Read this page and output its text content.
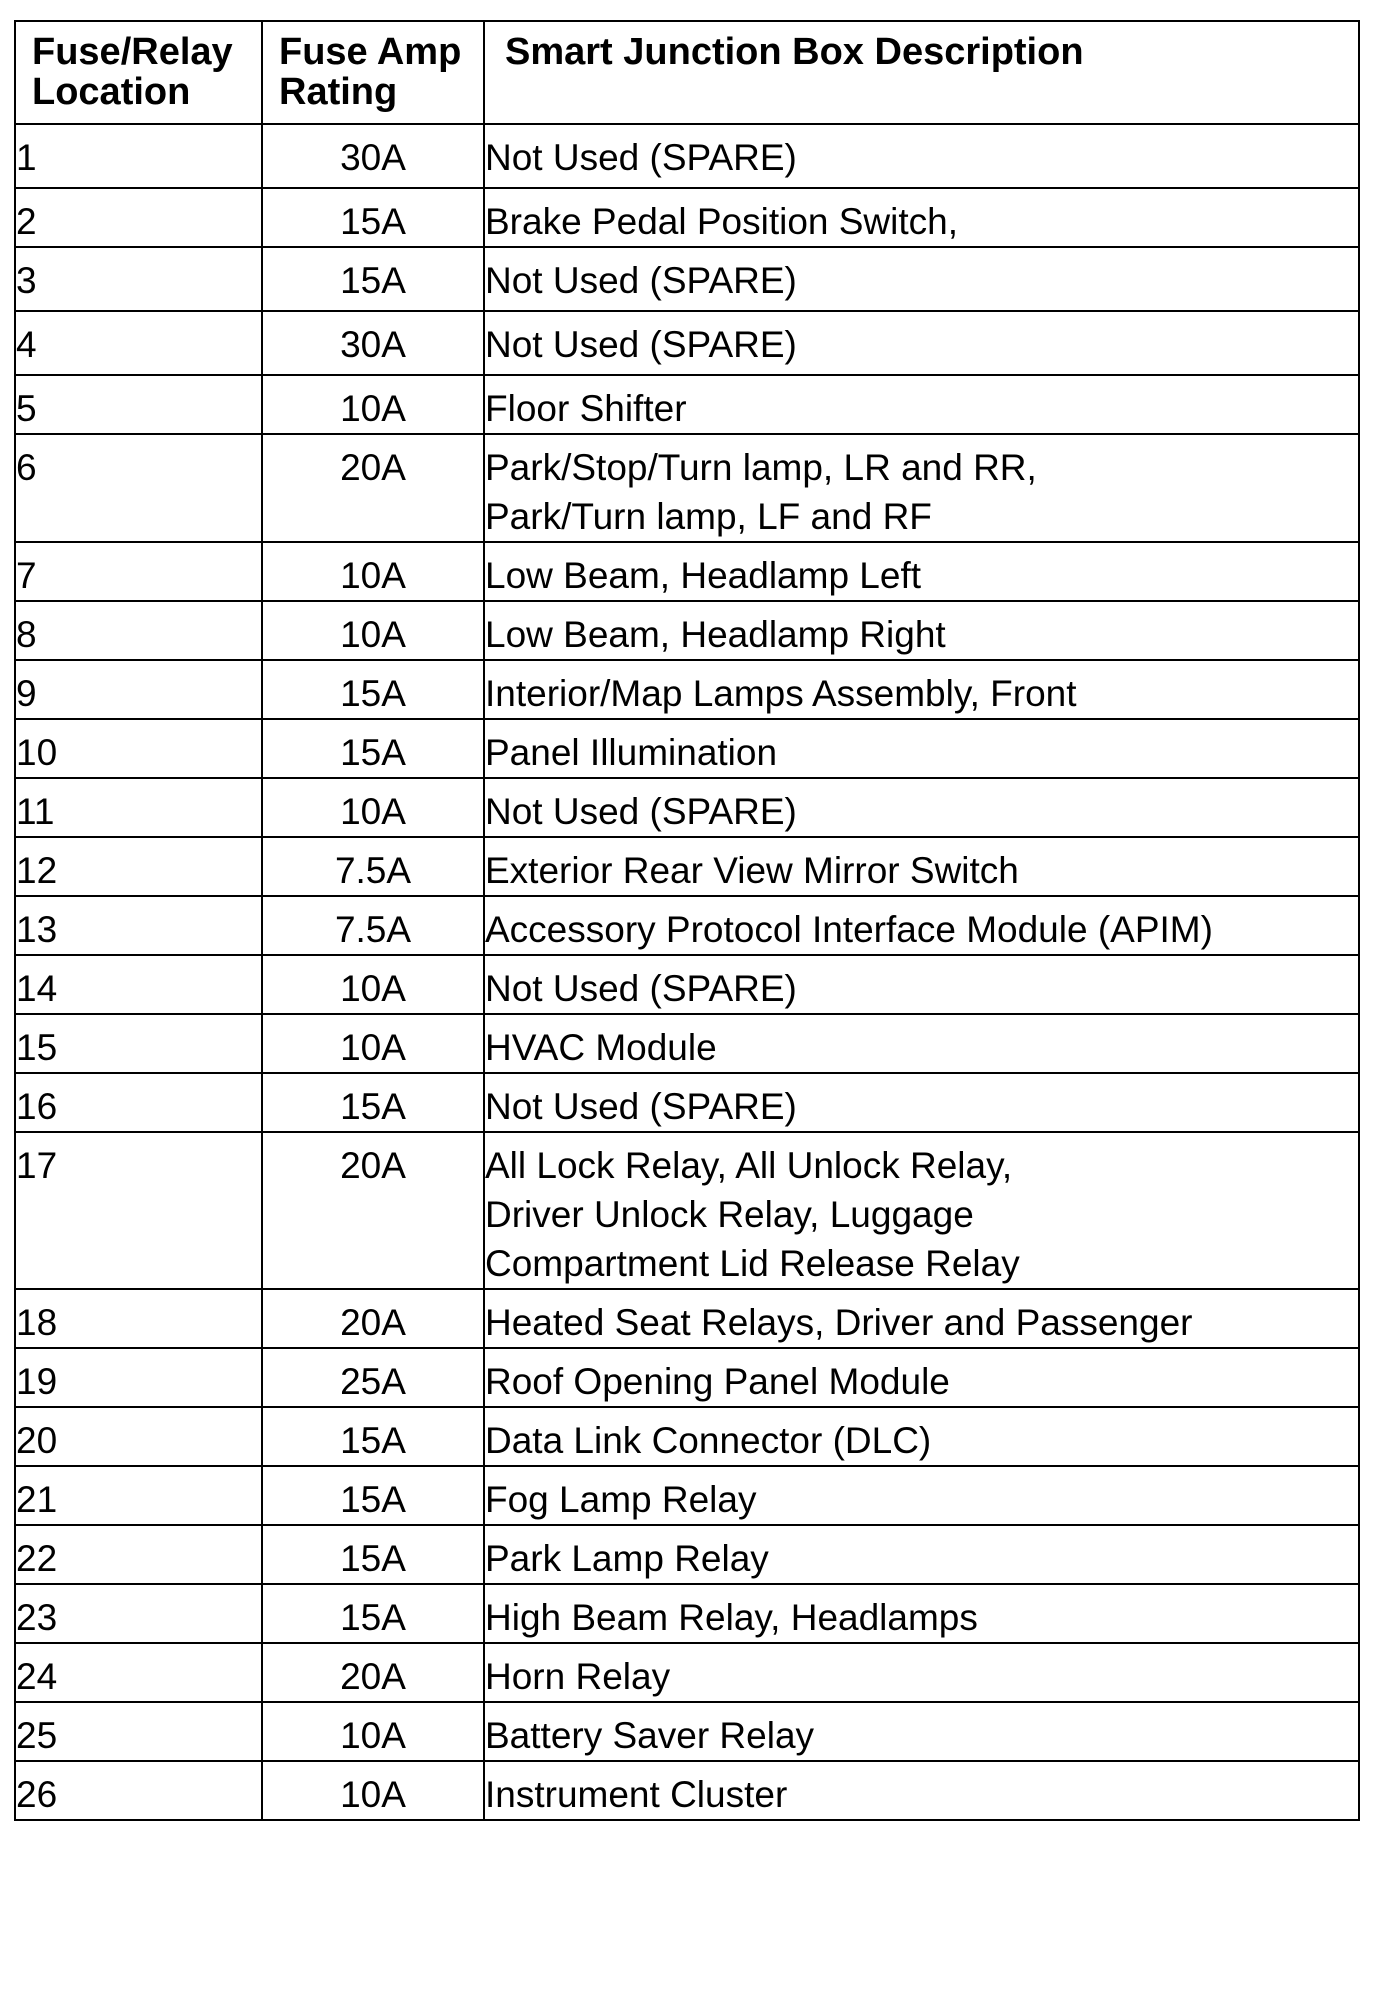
Fuse/Relay Location	Fuse Amp Rating	Smart Junction Box Description
1	30A	Not Used (SPARE)

2	15A	Brake Pedal Position Switch,

3	15A	Not Used (SPARE)

4	30A	Not Used (SPARE)

5	10A	Floor Shifter

6	20A	Park/Stop/Turn lamp, LR and RR,
Park/Turn lamp, LF and RF

7	10A	Low Beam, Headlamp Left

8	10A	Low Beam, Headlamp Right

9	15A	Interior/Map Lamps Assembly, Front

10	15A	Panel Illumination

11	10A	Not Used (SPARE)

12	7.5A	Exterior Rear View Mirror Switch

13	7.5A	Accessory Protocol Interface Module (APIM)

14	10A	Not Used (SPARE)

15	10A	HVAC Module

16	15A	Not Used (SPARE)

17	20A	All Lock Relay, All Unlock Relay,
Driver Unlock Relay, Luggage
Compartment Lid Release Relay

18	20A	Heated Seat Relays, Driver and Passenger

19	25A	Roof Opening Panel Module

20	15A	Data Link Connector (DLC)

21	15A	Fog Lamp Relay

22	15A	Park Lamp Relay

23	15A	High Beam Relay, Headlamps

24	20A	Horn Relay

25	10A	Battery Saver Relay

26	10A	Instrument Cluster
